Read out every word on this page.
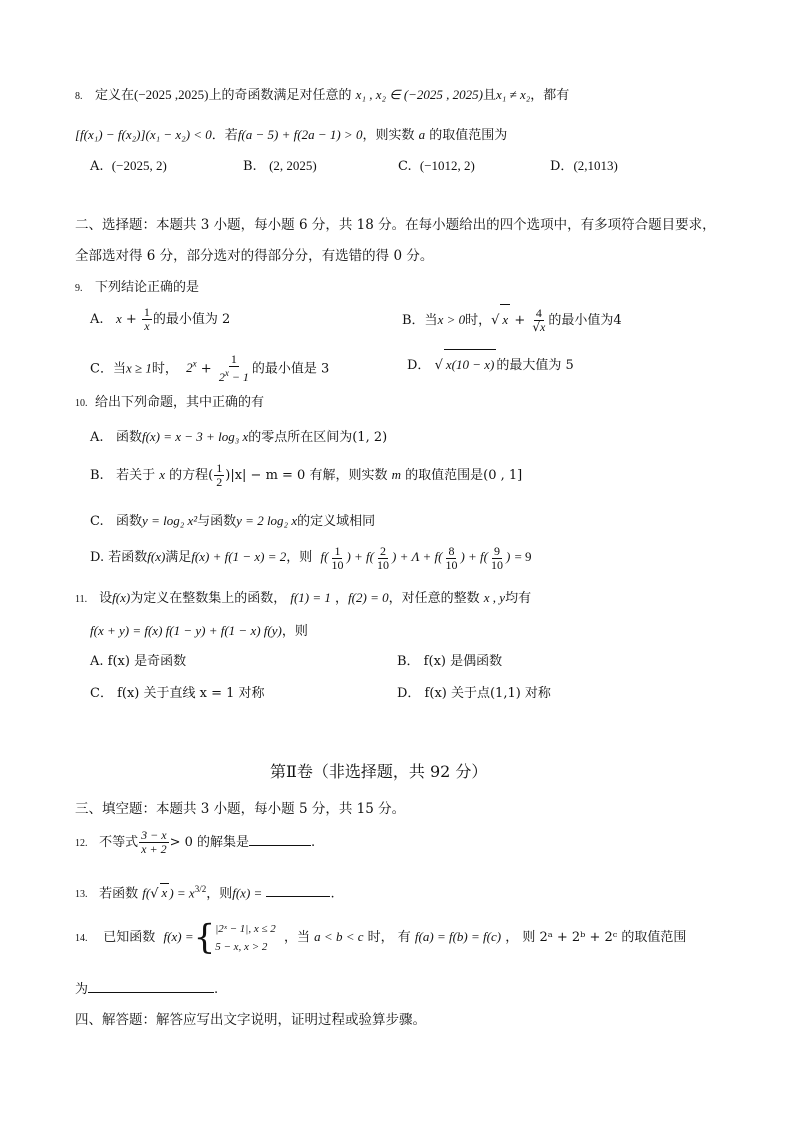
8. 定义在(−2025 ,2025)上的奇函数满足对任意的 x₁ , x₂ ∈ (−2025 , 2025)且x₁ ≠ x₂，都有
[f(x₁) − f(x₂)](x₁ − x₂) < 0．若f(a − 5) + f(2a − 1) > 0，则实数 a 的取值范围为
A. (−2025, 2)	B. (2, 2025)	C. (−1012, 2)	D．(2,1013)
二、选择题：本题共 3 小题，每小题 6 分，共 18 分。在每小题给出的四个选项中，有多项符合题目要求，
全部选对得 6 分，部分选对的得部分分，有选错的得 0 分。
9. 下列结论正确的是
A. $x + \frac{1}{x}$ 的最小值为 2	B．当x > 0时，√ $x + \frac{4}{√x}$ 的最小值为4
C．当x ≥ 1时， $2^x + \frac{1}{2^x - 1}$ 的最小值是 3	D． √ x(10 − x) 的最大值为 5
10. 给出下列命题，其中正确的有
A. 函数f(x) = x − 3 + log₃ x的零点所在区间为(1, 2)
B. 若关于 x 的方程( $\frac{1}{2} )|x| - m = 0$ 有解，则实数 m 的取值范围是(0 , 1]
C. 函数y = log₂ x²与函数y = 2 log₂ x的定义域相同
D. 若函数f(x)满足f(x) + f(1 − x) = 2，则 $f( \frac{1}{10}$ ) + $f( \frac{2}{10}$ ) + $\Lambda + f( \frac{8}{10}$ ) + $f( \frac{9}{10}$ ) = 9
11. 设f(x)为定义在整数集上的函数， f(1) = 1 ，f(2) = 0，对任意的整数 x , y均有
f(x + y) = f(x) f(1 − y) + f(1 − x) f(y)，则
A. f(x) 是奇函数	B． f(x) 是偶函数
C． f(x) 关于直线 x = 1 对称	D． f(x) 关于点(1,1) 对称
第Ⅱ卷（非选择题，共 92 分）
三、填空题：本题共 3 小题，每小题 5 分，共 15 分。
12. 不等式 $\frac{3 - x}{x + 2} > 0$ 的解集是	.
13. 若函数 f(√ x ) = $x^{3/2}$，则f(x) =	.
14. 已知函数 f(x) ={ |2ˣ − 1|, x ≤ 2
5 − x, x > 2
，当 a < b < c 时， 有 f(a) = f(b) = f(c) ， 则 2ᵃ + 2ᵇ + 2ᶜ 的取值范围
为	.
四、解答题：解答应写出文字说明，证明过程或验算步骤。
